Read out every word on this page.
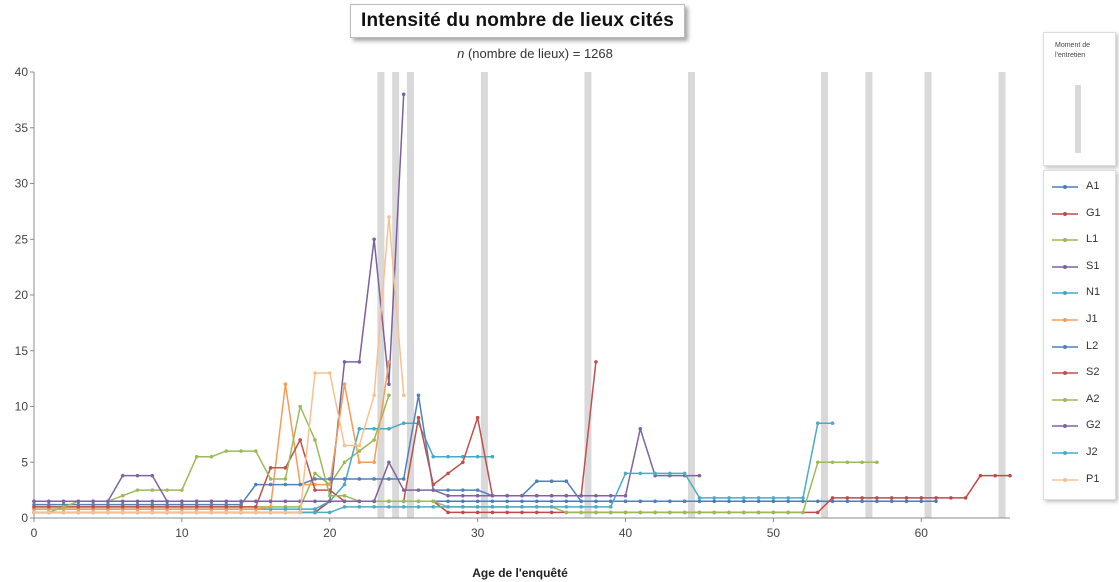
0
5
10
15
20
25
30
35
40
0	10	20	30	40	50	60
Intensité du nombre de lieux cités
n (nombre de lieux) = 1268
Age de l'enquêté
Moment de l'entretien
A1
G1
L1
S1
N1
J1
L2
S2
A2
G2
J2
P1
